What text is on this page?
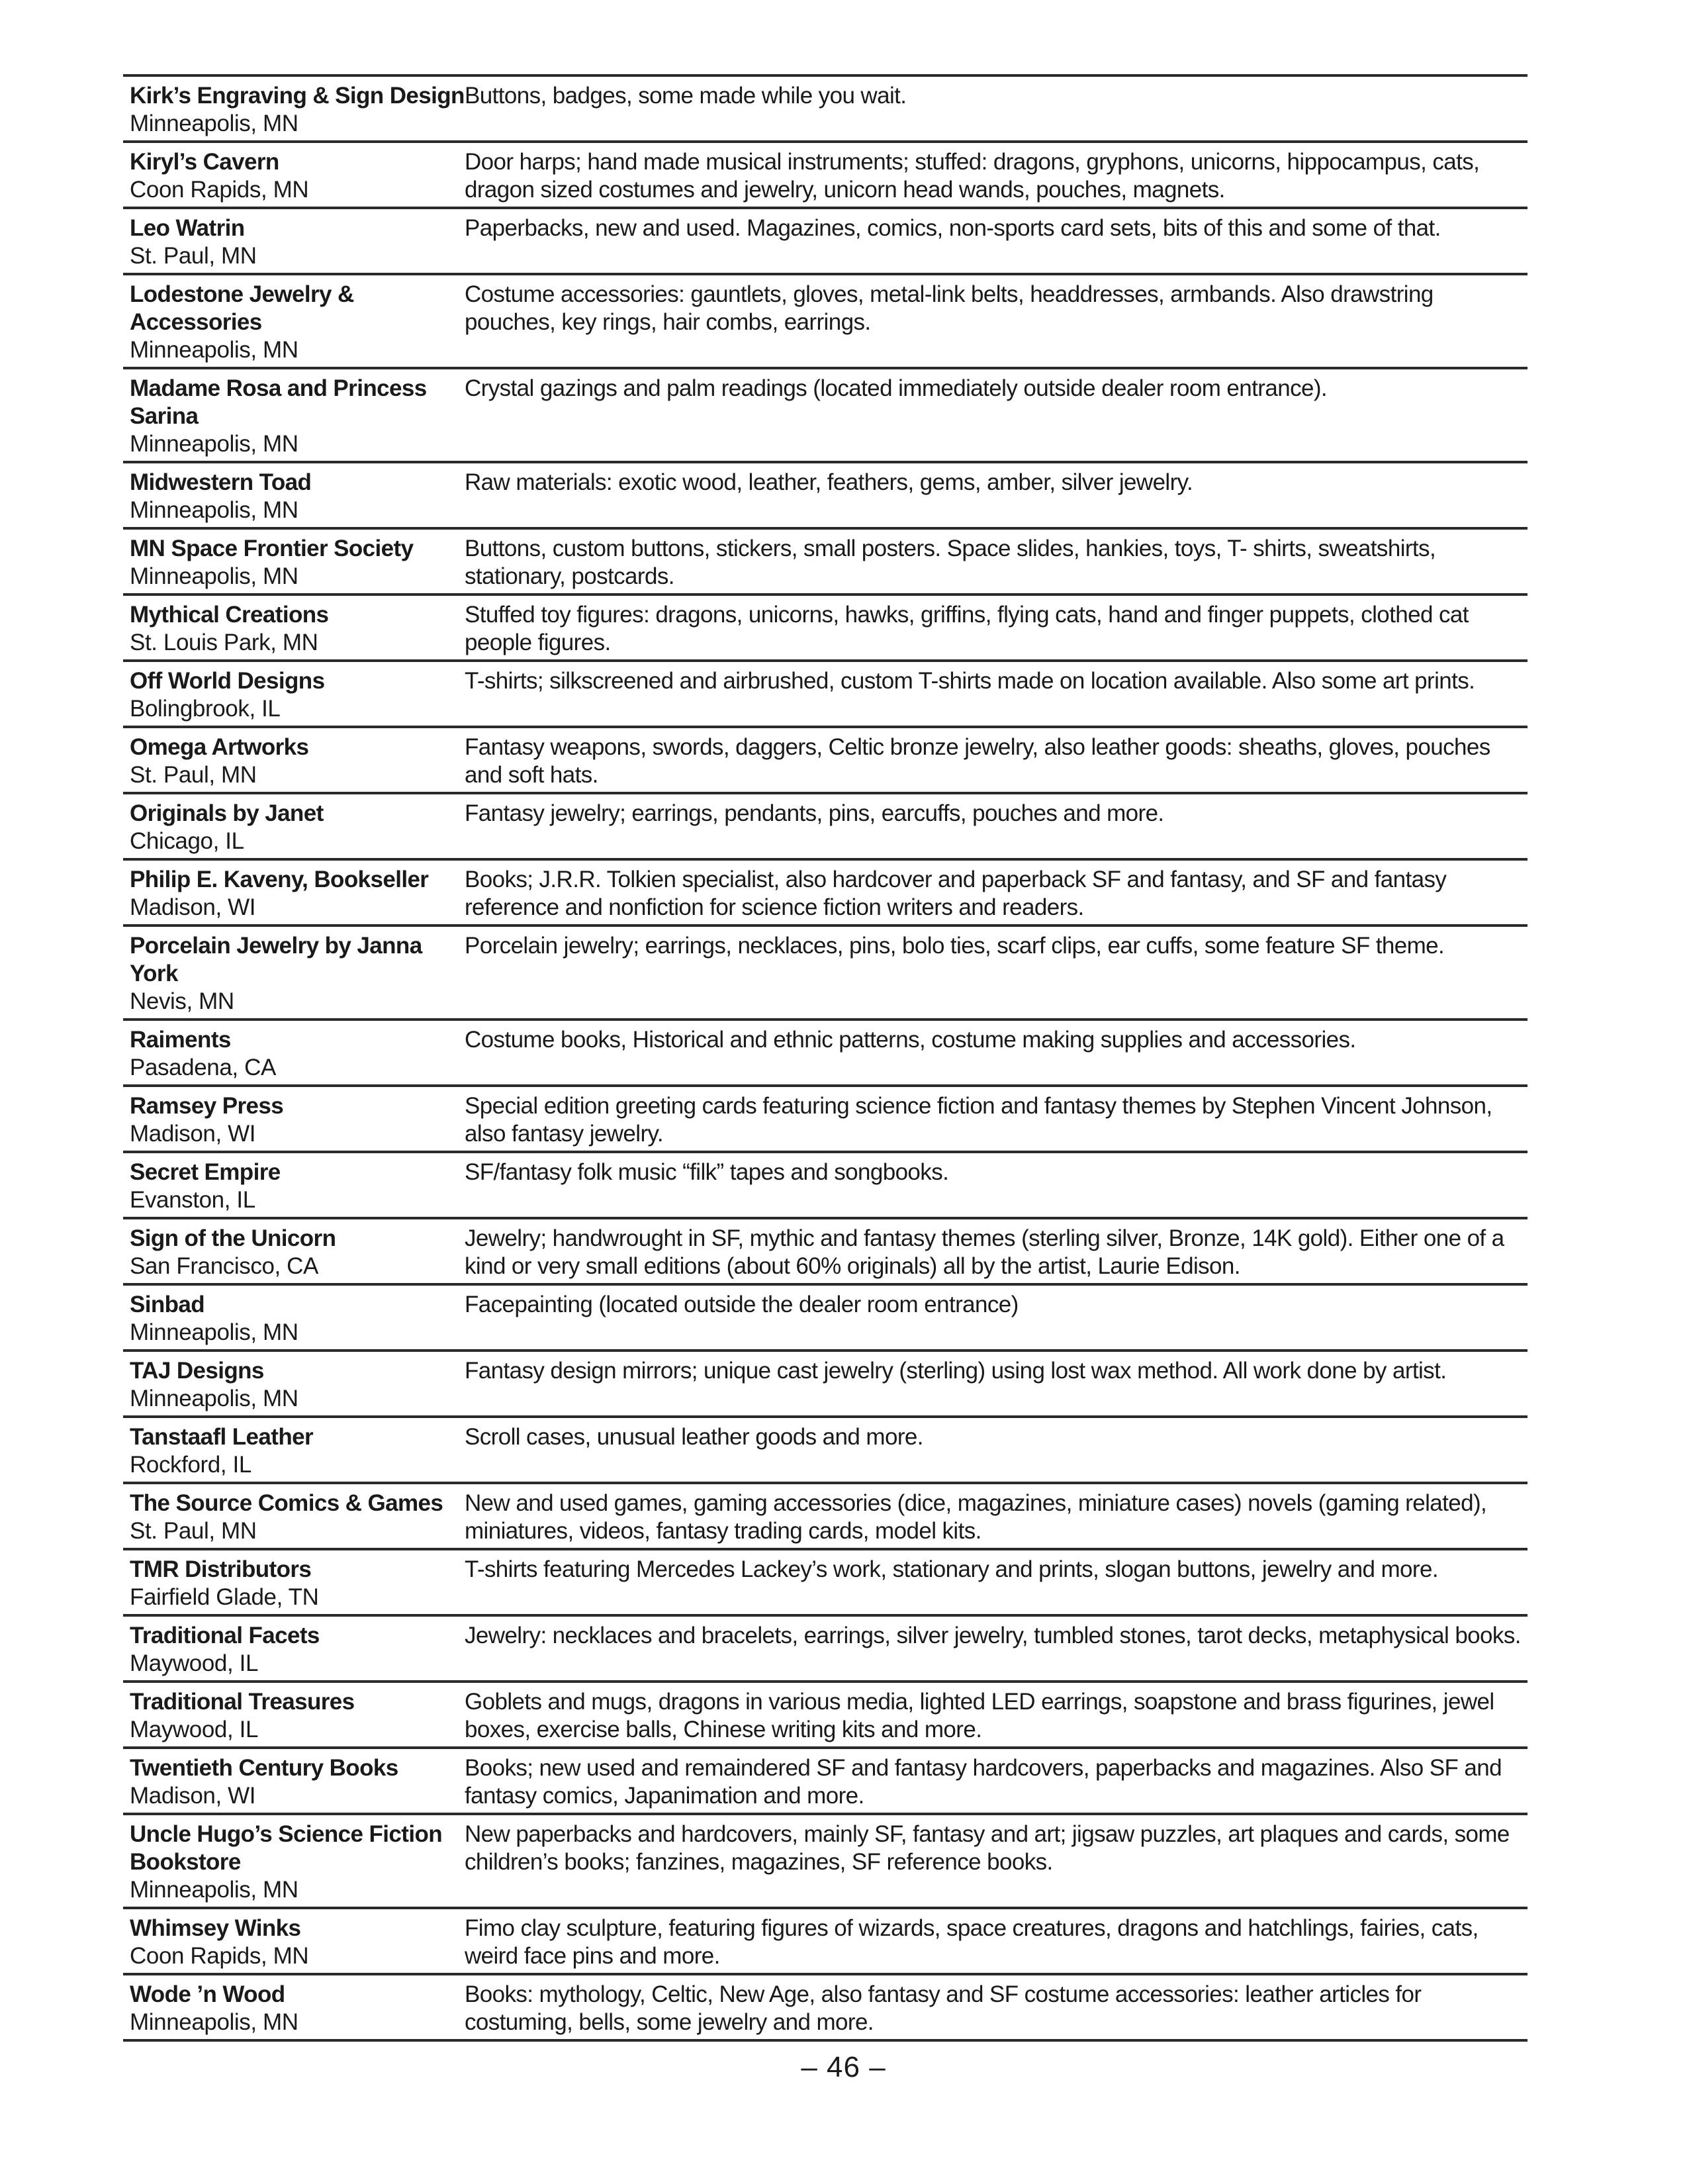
Kirk’s Engraving & Sign Design
Minneapolis, MN
Buttons, badges, some made while you wait.
Kiryl’s Cavern
Coon Rapids, MN
Door harps; hand made musical instruments; stuffed: dragons, gryphons, unicorns, hippocampus, cats, dragon sized costumes and jewelry, unicorn head wands, pouches, magnets.
Leo Watrin
St. Paul, MN
Paperbacks, new and used. Magazines, comics, non-sports card sets, bits of this and some of that.
Lodestone Jewelry & Accessories
Minneapolis, MN
Costume accessories: gauntlets, gloves, metal-link belts, headdresses, armbands. Also drawstring pouches, key rings, hair combs, earrings.
Madame Rosa and Princess Sarina
Minneapolis, MN
Crystal gazings and palm readings (located immediately outside dealer room entrance).
Midwestern Toad
Minneapolis, MN
Raw materials: exotic wood, leather, feathers, gems, amber, silver jewelry.
MN Space Frontier Society
Minneapolis, MN
Buttons, custom buttons, stickers, small posters. Space slides, hankies, toys, T- shirts, sweatshirts, stationary, postcards.
Mythical Creations
St. Louis Park, MN
Stuffed toy figures: dragons, unicorns, hawks, griffins, flying cats, hand and finger puppets, clothed cat people figures.
Off World Designs
Bolingbrook, IL
T-shirts; silkscreened and airbrushed, custom T-shirts made on location available. Also some art prints.
Omega Artworks
St. Paul, MN
Fantasy weapons, swords, daggers, Celtic bronze jewelry, also leather goods: sheaths, gloves, pouches and soft hats.
Originals by Janet
Chicago, IL
Fantasy jewelry; earrings, pendants, pins, earcuffs, pouches and more.
Philip E. Kaveny, Bookseller
Madison, WI
Books; J.R.R. Tolkien specialist, also hardcover and paperback SF and fantasy, and SF and fantasy reference and nonfiction for science fiction writers and readers.
Porcelain Jewelry by Janna York
Nevis, MN
Porcelain jewelry; earrings, necklaces, pins, bolo ties, scarf clips, ear cuffs, some feature SF theme.
Raiments
Pasadena, CA
Costume books, Historical and ethnic patterns, costume making supplies and accessories.
Ramsey Press
Madison, WI
Special edition greeting cards featuring science fiction and fantasy themes by Stephen Vincent Johnson, also fantasy jewelry.
Secret Empire
Evanston, IL
SF/fantasy folk music “filk” tapes and songbooks.
Sign of the Unicorn
San Francisco, CA
Jewelry; handwrought in SF, mythic and fantasy themes (sterling silver, Bronze, 14K gold). Either one of a kind or very small editions (about 60% originals) all by the artist, Laurie Edison.
Sinbad
Minneapolis, MN
Facepainting (located outside the dealer room entrance)
TAJ Designs
Minneapolis, MN
Fantasy design mirrors; unique cast jewelry (sterling) using lost wax method. All work done by artist.
Tanstaafl Leather
Rockford, IL
Scroll cases, unusual leather goods and more.
The Source Comics & Games
St. Paul, MN
New and used games, gaming accessories (dice, magazines, miniature cases) novels (gaming related), miniatures, videos, fantasy trading cards, model kits.
TMR Distributors
Fairfield Glade, TN
T-shirts featuring Mercedes Lackey’s work, stationary and prints, slogan buttons, jewelry and more.
Traditional Facets
Maywood, IL
Jewelry: necklaces and bracelets, earrings, silver jewelry, tumbled stones, tarot decks, metaphysical books.
Traditional Treasures
Maywood, IL
Goblets and mugs, dragons in various media, lighted LED earrings, soapstone and brass figurines, jewel boxes, exercise balls, Chinese writing kits and more.
Twentieth Century Books
Madison, WI
Books; new used and remaindered SF and fantasy hardcovers, paperbacks and magazines. Also SF and fantasy comics, Japanimation and more.
Uncle Hugo’s Science Fiction Bookstore
Minneapolis, MN
New paperbacks and hardcovers, mainly SF, fantasy and art; jigsaw puzzles, art plaques and cards, some children’s books; fanzines, magazines, SF reference books.
Whimsey Winks
Coon Rapids, MN
Fimo clay sculpture, featuring figures of wizards, space creatures, dragons and hatchlings, fairies, cats, weird face pins and more.
Wode ’n Wood
Minneapolis, MN
Books: mythology, Celtic, New Age, also fantasy and SF costume accessories: leather articles for costuming, bells, some jewelry and more.
– 46 –
